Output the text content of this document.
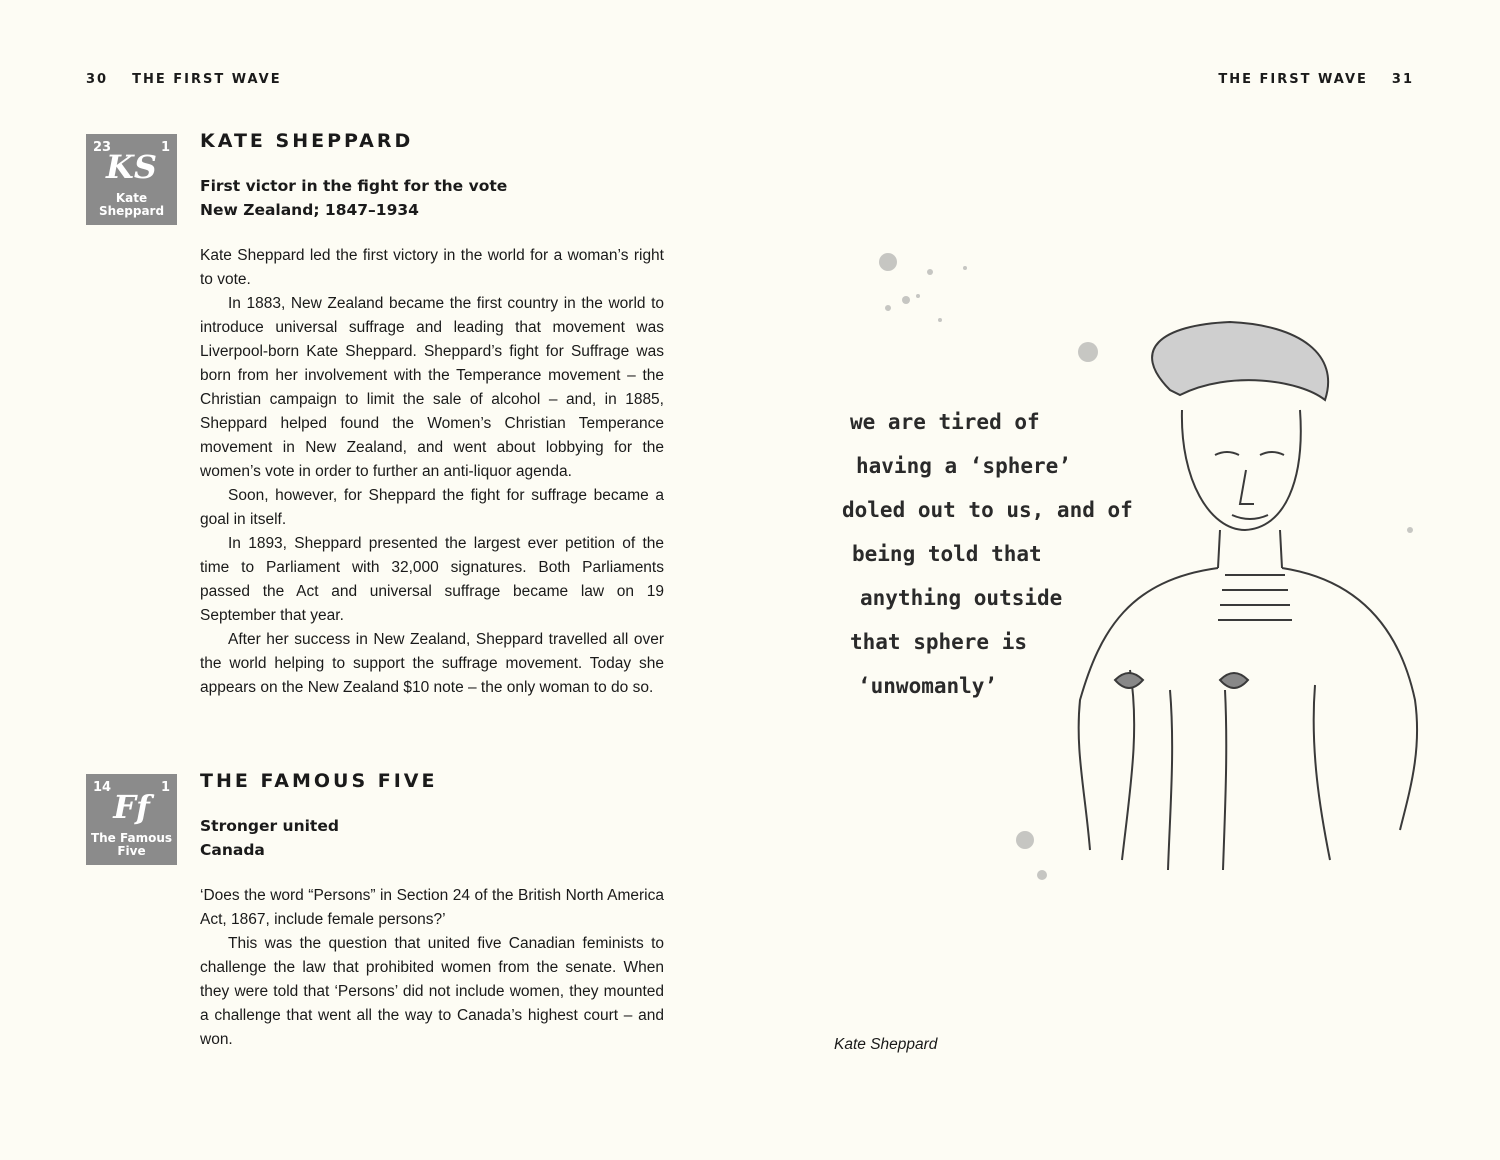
30 THE FIRST WAVE	THE FIRST WAVE 31
23	1
KS
Kate Sheppard
KATE SHEPPARD
First victor in the fight for the vote
New Zealand; 1847–1934

Kate Sheppard led the first victory in the world for a woman’s right to vote.

In 1883, New Zealand became the first country in the world to introduce universal suffrage and leading that movement was Liverpool-born Kate Sheppard. Sheppard’s fight for Suffrage was born from her involvement with the Temperance movement – the Christian campaign to limit the sale of alcohol – and, in 1885, Sheppard helped found the Women’s Christian Temperance movement in New Zealand, and went about lobbying for the women’s vote in order to further an anti-liquor agenda.

Soon, however, for Sheppard the fight for suffrage became a goal in itself.

In 1893, Sheppard presented the largest ever petition of the time to Parliament with 32,000 signatures. Both Parliaments passed the Act and universal suffrage became law on 19 September that year.

After her success in New Zealand, Sheppard travelled all over the world helping to support the suffrage movement. Today she appears on the New Zealand $10 note – the only woman to do so.

14	1
Ff
The Famous Five
THE FAMOUS FIVE
Stronger united
Canada

‘Does the word “Persons” in Section 24 of the British North America Act, 1867, include female persons?’

This was the question that united five Canadian feminists to challenge the law that prohibited women from the senate. When they were told that ‘Persons’ did not include women, they mounted a challenge that went all the way to Canada’s highest court – and won.

we are tired of
having a ‘sphere’
doled out to us, and of
being told that
anything outside
that sphere is
‘unwomanly’
Kate Sheppard
